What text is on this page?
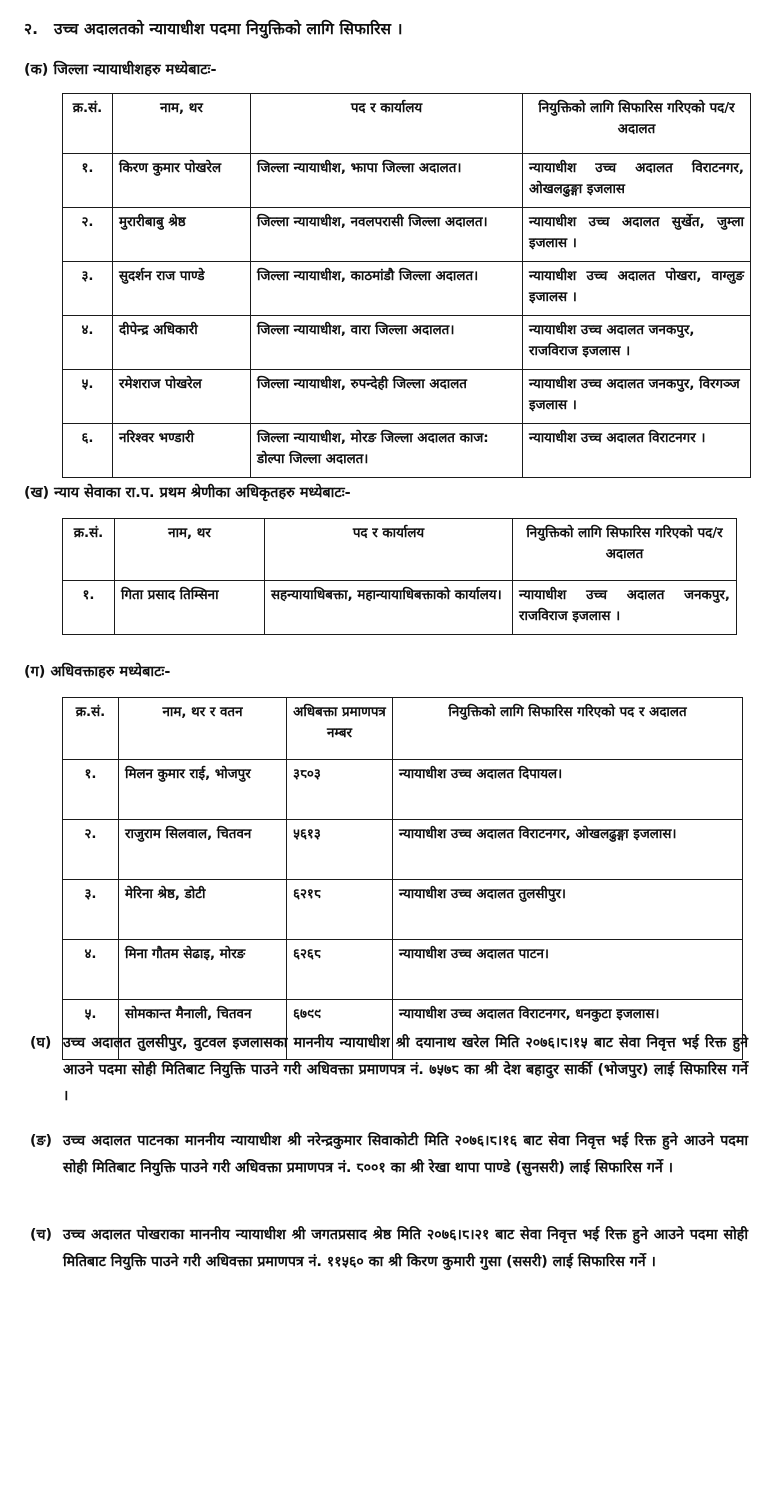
२. उच्च अदालतको न्यायाधीश पदमा नियुक्तिको लागि सिफारिस ।
(क) जिल्ला न्यायाधीशहरु मध्येबाटः-
क्र.सं.	नाम, थर	पद र कार्यालय	नियुक्तिको लागि सिफारिस गरिएको पद/र अदालत
१.	किरण कुमार पोखरेल	जिल्ला न्यायाधीश, झापा जिल्ला अदालत।	न्यायाधीश उच्च अदालत विराटनगर, ओखलढुङ्गा इजलास
२.	मुरारीबाबु श्रेष्ठ	जिल्ला न्यायाधीश, नवलपरासी जिल्ला अदालत।	न्यायाधीश उच्च अदालत सुर्खेत, जुम्ला इजलास ।
३.	सुदर्शन राज पाण्डे	जिल्ला न्यायाधीश, काठमांडौ जिल्ला अदालत।	न्यायाधीश उच्च अदालत पोखरा, वाग्लुङ इजालस ।
४.	दीपेन्द्र अधिकारी	जिल्ला न्यायाधीश, वारा जिल्ला अदालत।	न्यायाधीश उच्च अदालत जनकपुर, राजविराज इजलास ।
५.	रमेशराज पोखरेल	जिल्ला न्यायाधीश, रुपन्देही जिल्ला अदालत	न्यायाधीश उच्च अदालत जनकपुर, विरगञ्ज इजलास ।
६.	नरिश्वर भण्डारी	जिल्ला न्यायाधीश, मोरङ जिल्ला अदालत काज: डोल्पा जिल्ला अदालत।	न्यायाधीश उच्च अदालत विराटनगर ।
(ख) न्याय सेवाका रा.प. प्रथम श्रेणीका अधिकृतहरु मध्येबाटः-
क्र.सं.	नाम, थर	पद र कार्यालय	नियुक्तिको लागि सिफारिस गरिएको पद/र अदालत
१.	गिता प्रसाद तिम्सिना	सहन्यायाधिबक्ता, महान्यायाधिबक्ताको कार्यालय।	न्यायाधीश उच्च अदालत जनकपुर, राजविराज इजलास ।
(ग) अधिवक्ताहरु मध्येबाटः-
क्र.सं.	नाम, थर र वतन	अधिबक्ता प्रमाणपत्र नम्बर	नियुक्तिको लागि सिफारिस गरिएको पद र अदालत
१.	मिलन कुमार राई, भोजपुर	३८०३	न्यायाधीश उच्च अदालत दिपायल।
२.	राजुराम सिलवाल, चितवन	५६१३	न्यायाधीश उच्च अदालत विराटनगर, ओखलढुङ्गा इजलास।
३.	मेरिना श्रेष्ठ, डोटी	६२१८	न्यायाधीश उच्च अदालत तुलसीपुर।
४.	मिना गौतम सेढाइ, मोरङ	६२६८	न्यायाधीश उच्च अदालत पाटन।
५.	सोमकान्त मैनाली, चितवन	६७९९	न्यायाधीश उच्च अदालत विराटनगर, धनकुटा इजलास।
(घ) उच्च अदालत तुलसीपुर, वुटवल इजलासका माननीय न्यायाधीश श्री दयानाथ खरेल मिति २०७६।८।१५ बाट सेवा निवृत्त भई रिक्त हुने आउने पदमा सोही मितिबाट नियुक्ति पाउने गरी अधिवक्ता प्रमाणपत्र नं. ७५७८ का श्री देश बहादुर सार्की (भोजपुर) लाई सिफारिस गर्ने ।
(ङ) उच्च अदालत पाटनका माननीय न्यायाधीश श्री नरेन्द्रकुमार सिवाकोटी मिति २०७६।८।१६ बाट सेवा निवृत्त भई रिक्त हुने आउने पदमा सोही मितिबाट नियुक्ति पाउने गरी अधिवक्ता प्रमाणपत्र नं. ८००१ का श्री रेखा थापा पाण्डे (सुनसरी) लाई सिफारिस गर्ने ।
(च) उच्च अदालत पोखराका माननीय न्यायाधीश श्री जगतप्रसाद श्रेष्ठ मिति २०७६।८।२१ बाट सेवा निवृत्त भई रिक्त हुने आउने पदमा सोही मितिबाट नियुक्ति पाउने गरी अधिवक्ता प्रमाणपत्र नं. ११५६० का श्री किरण कुमारी गुसा (ससरी) लाई सिफारिस गर्ने ।
